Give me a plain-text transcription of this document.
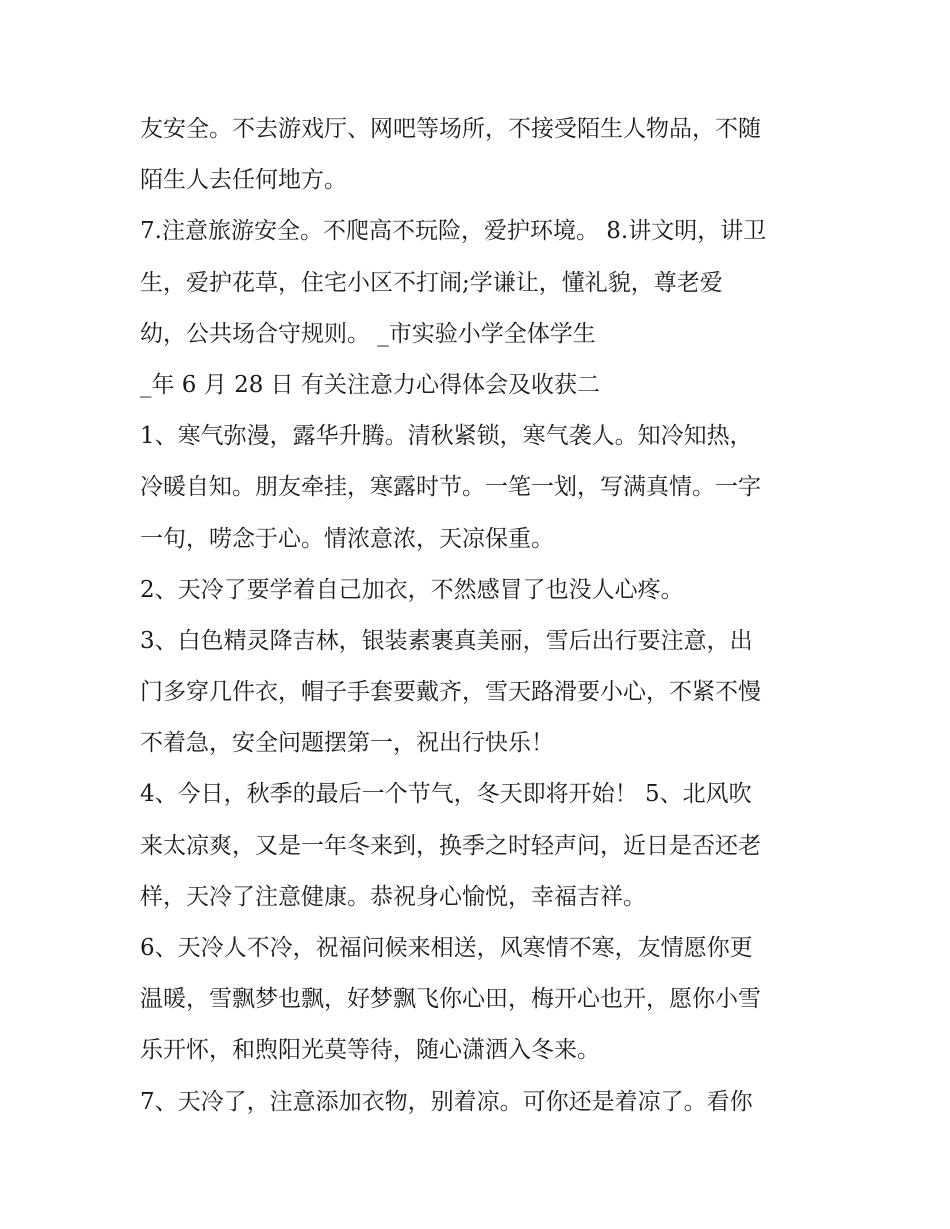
友安全。不去游戏厅、网吧等场所，不接受陌生人物品，不随

陌生人去任何地方。

7.注意旅游安全。不爬高不玩险，爱护环境。 8.讲文明，讲卫

生，爱护花草，住宅小区不打闹;学谦让，懂礼貌，尊老爱

幼，公共场合守规则。 _市实验小学全体学生

_年 6 月 28 日 有关注意力心得体会及收获二

1、寒气弥漫，露华升腾。清秋紧锁，寒气袭人。知冷知热，

冷暖自知。朋友牵挂，寒露时节。一笔一划，写满真情。一字

一句，唠念于心。情浓意浓，天凉保重。

2、天冷了要学着自己加衣，不然感冒了也没人心疼。

3、白色精灵降吉林，银装素裹真美丽，雪后出行要注意，出

门多穿几件衣，帽子手套要戴齐，雪天路滑要小心，不紧不慢

不着急，安全问题摆第一，祝出行快乐！

4、今日，秋季的最后一个节气，冬天即将开始！ 5、北风吹

来太凉爽，又是一年冬来到，换季之时轻声问，近日是否还老

样，天冷了注意健康。恭祝身心愉悦，幸福吉祥。

6、天冷人不冷，祝福问候来相送，风寒情不寒，友情愿你更

温暖，雪飘梦也飘，好梦飘飞你心田，梅开心也开，愿你小雪

乐开怀，和煦阳光莫等待，随心潇洒入冬来。

7、天冷了，注意添加衣物，别着凉。可你还是着凉了。看你
